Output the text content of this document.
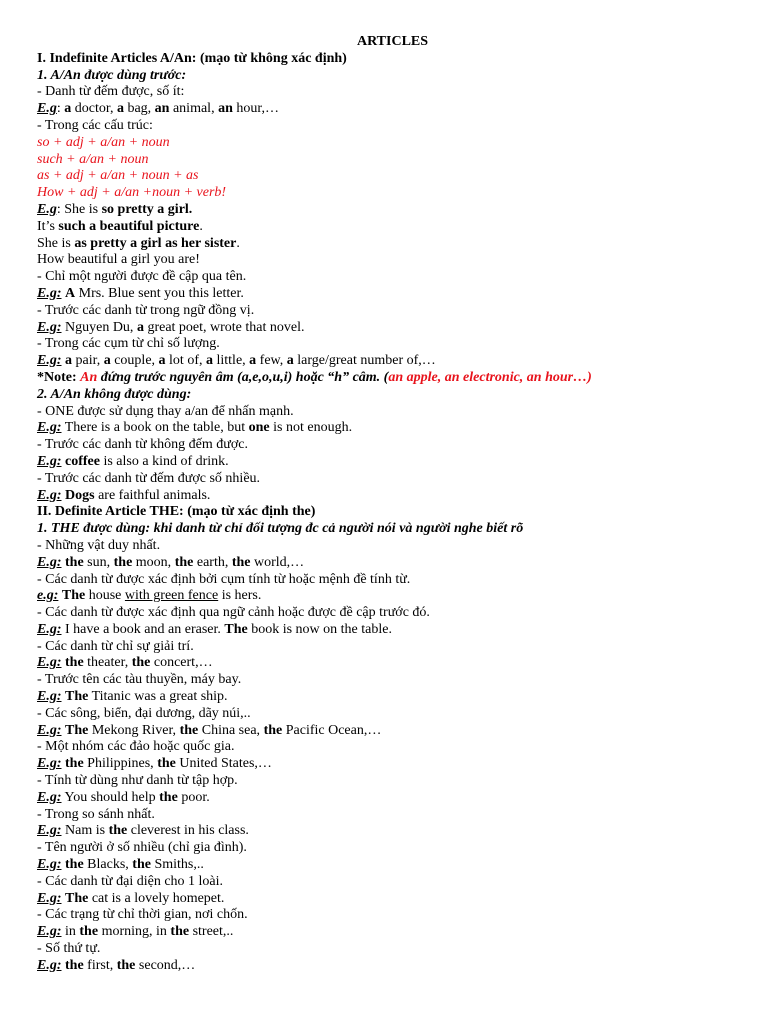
ARTICLES
I. Indefinite Articles A/An: (mạo từ không xác định)
1. A/An được dùng trước:
- Danh từ đếm được, số ít:
E.g: a doctor, a bag, an animal, an hour,…
- Trong các cấu trúc:
so + adj + a/an + noun
such + a/an + noun
as + adj + a/an + noun + as
How + adj + a/an +noun + verb!
E.g: She is so pretty a girl.
It’s such a beautiful picture.
She is as pretty a girl as her sister.
How beautiful a girl you are!
- Chỉ một người được đề cập qua tên.
E.g: A Mrs. Blue sent you this letter.
- Trước các danh từ trong ngữ đồng vị.
E.g: Nguyen Du, a great poet, wrote that novel.
- Trong các cụm từ chỉ số lượng.
E.g: a pair, a couple, a lot of, a little, a few, a large/great number of,…
*Note: An đứng trước nguyên âm (a,e,o,u,i) hoặc “h” câm. (an apple, an electronic, an hour…)
2. A/An không được dùng:
- ONE được sử dụng thay a/an để nhấn mạnh.
E.g: There is a book on the table, but one is not enough.
- Trước các danh từ không đếm được.
E.g: coffee is also a kind of drink.
- Trước các danh từ đếm được số nhiều.
E.g: Dogs are faithful animals.
II. Definite Article THE: (mạo từ xác định the)
1. THE được dùng: khi danh từ chỉ đối tượng đc cả người nói và người nghe biết rõ
- Những vật duy nhất.
E.g: the sun, the moon, the earth, the world,…
- Các danh từ được xác định bởi cụm tính từ hoặc mệnh đề tính từ.
e.g: The house with green fence is hers.
- Các danh từ được xác định qua ngữ cảnh hoặc được đề cập trước đó.
E.g: I have a book and an eraser. The book is now on the table.
- Các danh từ chỉ sự giải trí.
E.g: the theater, the concert,…
- Trước tên các tàu thuyền, máy bay.
E.g: The Titanic was a great ship.
- Các sông, biển, đại dương, dãy núi,..
E.g: The Mekong River, the China sea, the Pacific Ocean,…
- Một nhóm các đảo hoặc quốc gia.
E.g: the Philippines, the United States,…
- Tính từ dùng như danh từ tập hợp.
E.g: You should help the poor.
- Trong so sánh nhất.
E.g: Nam is the cleverest in his class.
- Tên người ở số nhiều (chỉ gia đình).
E.g: the Blacks, the Smiths,..
- Các danh từ đại diện cho 1 loài.
E.g: The cat is a lovely homepet.
- Các trạng từ chỉ thời gian, nơi chốn.
E.g: in the morning, in the street,..
- Số thứ tự.
E.g: the first, the second,…
